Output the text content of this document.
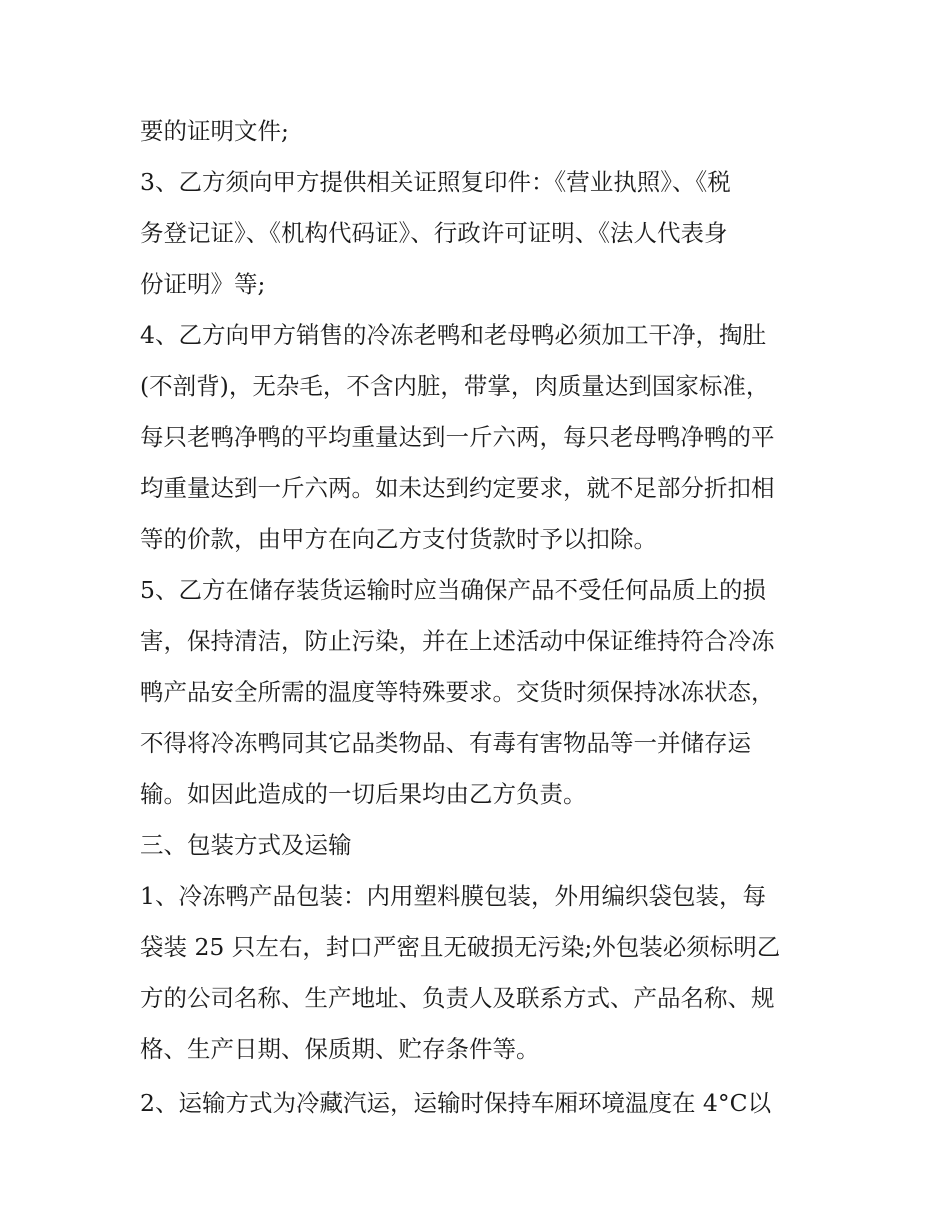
要的证明文件;
3、乙方须向甲方提供相关证照复印件：《营业执照》、《税
务登记证》、《机构代码证》、行政许可证明、《法人代表身
份证明》等;
4、乙方向甲方销售的冷冻老鸭和老母鸭必须加工干净，掏肚
(不剖背)，无杂毛，不含内脏，带掌，肉质量达到国家标准，
每只老鸭净鸭的平均重量达到一斤六两，每只老母鸭净鸭的平
均重量达到一斤六两。如未达到约定要求，就不足部分折扣相
等的价款，由甲方在向乙方支付货款时予以扣除。
5、乙方在储存装货运输时应当确保产品不受任何品质上的损
害，保持清洁，防止污染，并在上述活动中保证维持符合冷冻
鸭产品安全所需的温度等特殊要求。交货时须保持冰冻状态，
不得将冷冻鸭同其它品类物品、有毒有害物品等一并储存运
输。如因此造成的一切后果均由乙方负责。
三、包装方式及运输
1、冷冻鸭产品包装：内用塑料膜包装，外用编织袋包装，每
袋装 25 只左右，封口严密且无破损无污染;外包装必须标明乙
方的公司名称、生产地址、负责人及联系方式、产品名称、规
格、生产日期、保质期、贮存条件等。
2、运输方式为冷藏汽运，运输时保持车厢环境温度在 4°C以
